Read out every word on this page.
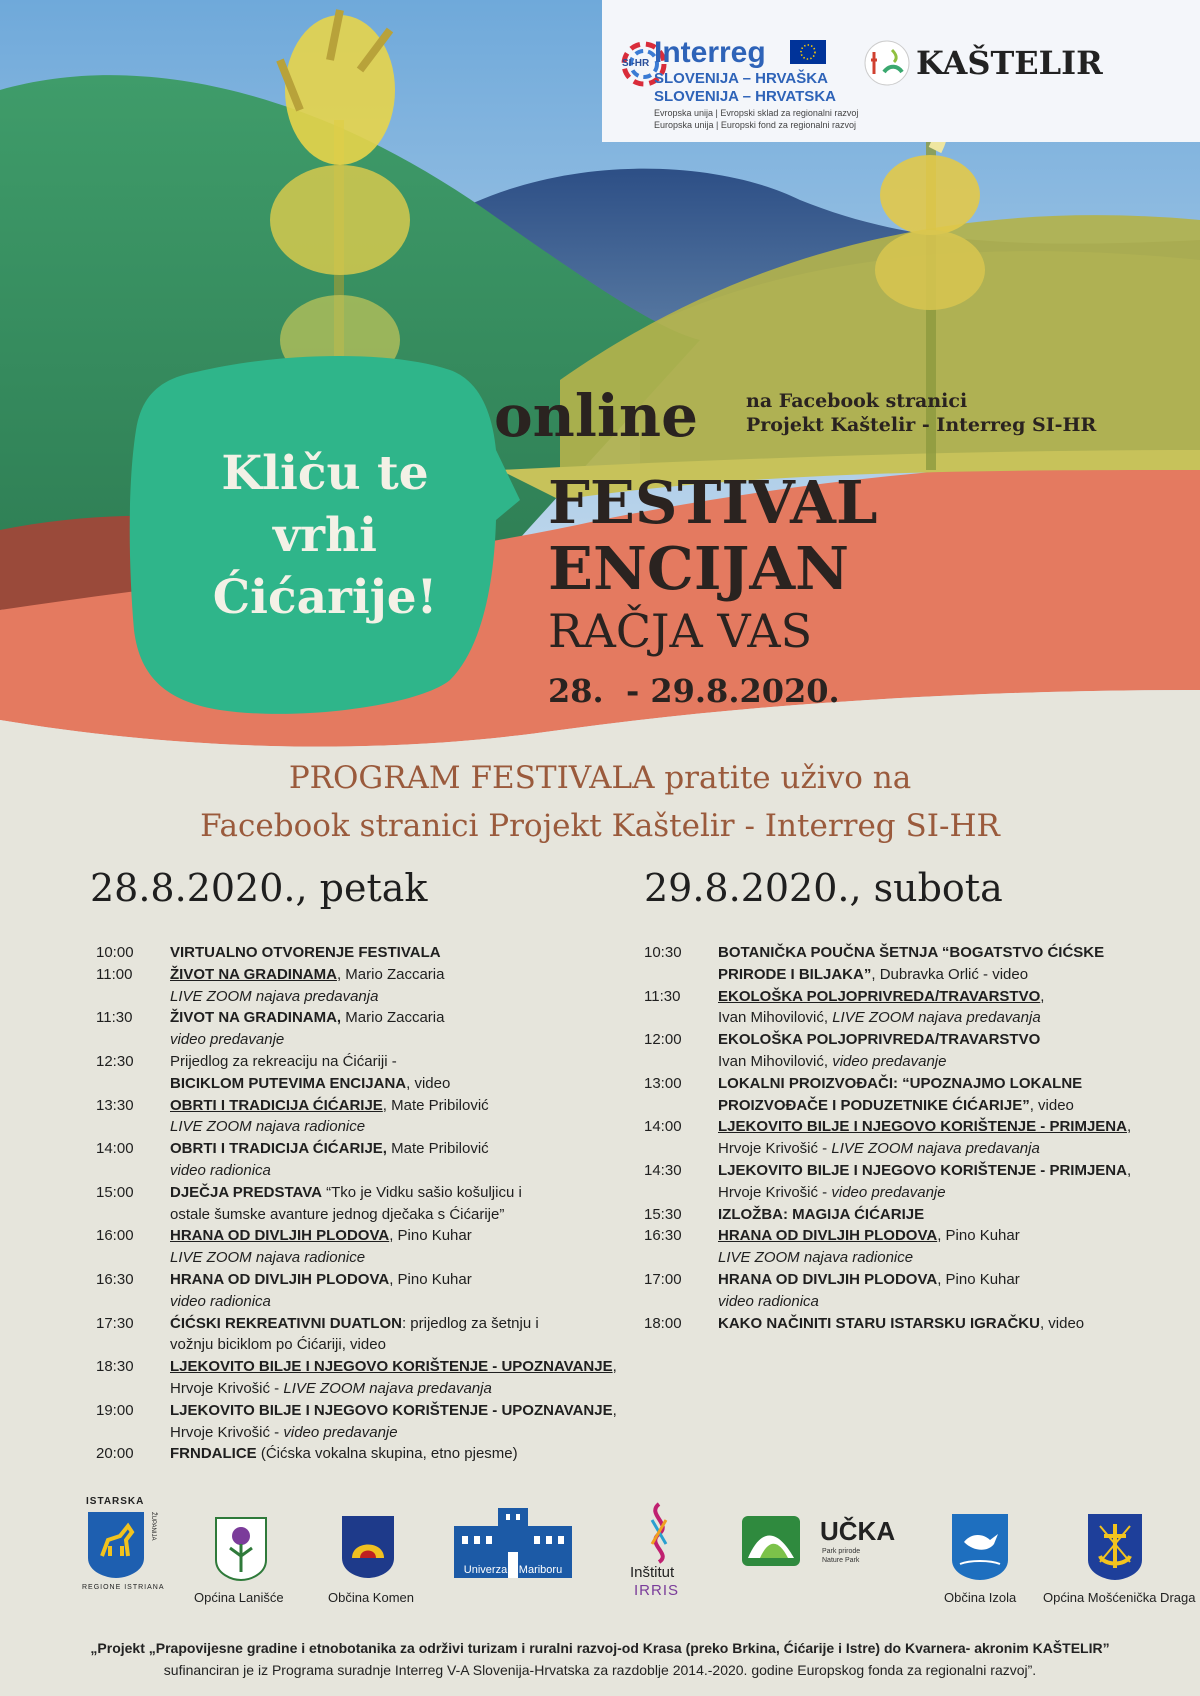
SI-HR Interreg
SLOVENIJA – HRVAŠKA
SLOVENIJA – HRVATSKA
Evropska unija | Evropski sklad za regionalni razvoj
Europska unija | Europski fond za regionalni razvoj
KAŠTELIR
Kliču te
vrhi
Ćićarije!
online	na Facebook stranici
Projekt Kaštelir - Interreg SI-HR
FESTIVAL
ENCIJAN
RAČJA VAS
28.  - 29.8.2020.
PROGRAM FESTIVALA pratite uživo na
Facebook stranici Projekt Kaštelir - Interreg SI-HR
28.8.2020., petak	29.8.2020., subota
10:00	VIRTUALNO OTVORENJE FESTIVALA
11:00	ŽIVOT NA GRADINAMA, Mario Zaccaria
LIVE ZOOM najava predavanja
11:30	ŽIVOT NA GRADINAMA, Mario Zaccaria
video predavanje
12:30	Prijedlog za rekreaciju na Ćićariji -
BICIKLOM PUTEVIMA ENCIJANA, video
13:30	OBRTI I TRADICIJA ĆIĆARIJE, Mate Pribilović
LIVE ZOOM najava radionice
14:00	OBRTI I TRADICIJA ĆIĆARIJE, Mate Pribilović
video radionica
15:00	DJEČJA PREDSTAVA “Tko je Vidku sašio košuljicu i
ostale šumske avanture jednog dječaka s Ćićarije”
16:00	HRANA OD DIVLJIH PLODOVA, Pino Kuhar
LIVE ZOOM najava radionice
16:30	HRANA OD DIVLJIH PLODOVA, Pino Kuhar
video radionica
17:30	ĆIĆSKI REKREATIVNI DUATLON: prijedlog za šetnju i
vožnju biciklom po Ćićariji, video
18:30	LJEKOVITO BILJE I NJEGOVO KORIŠTENJE - UPOZNAVANJE,
Hrvoje Krivošić - LIVE ZOOM najava predavanja
19:00	LJEKOVITO BILJE I NJEGOVO KORIŠTENJE - UPOZNAVANJE,
Hrvoje Krivošić - video predavanje
20:00	FRNDALICE (Ćićska vokalna skupina, etno pjesme)
10:30	BOTANIČKA POUČNA ŠETNJA “BOGATSTVO ĆIĆSKE
PRIRODE I BILJAKA”, Dubravka Orlić - video
11:30	EKOLOŠKA POLJOPRIVREDA/TRAVARSTVO,
Ivan Mihovilović, LIVE ZOOM najava predavanja
12:00	EKOLOŠKA POLJOPRIVREDA/TRAVARSTVO
Ivan Mihovilović, video predavanje
13:00	LOKALNI PROIZVOĐAČI: “UPOZNAJMO LOKALNE
PROIZVOĐAČE I PODUZETNIKE ĆIĆARIJE”, video
14:00	LJEKOVITO BILJE I NJEGOVO KORIŠTENJE - PRIMJENA,
Hrvoje Krivošić - LIVE ZOOM najava predavanja
14:30	LJEKOVITO BILJE I NJEGOVO KORIŠTENJE - PRIMJENA,
Hrvoje Krivošić - video predavanje
15:30	IZLOŽBA: MAGIJA ĆIĆARIJE
16:30	HRANA OD DIVLJIH PLODOVA, Pino Kuhar
LIVE ZOOM najava radionice
17:00	HRANA OD DIVLJIH PLODOVA, Pino Kuhar
video radionica
18:00	KAKO NAČINITI STARU ISTARSKU IGRAČKU, video
ISTARSKA
ŽUPANIJA
REGIONE ISTRIANA
Općina Lanišće	Občina Komen
Univerza v Mariboru	Inštitut
IRRIS
UČKA
Park prirode
Nature Park
Občina Izola Općina Mošćenička Draga
„Projekt „Prapovijesne gradine i etnobotanika za održivi turizam i ruralni razvoj-od Krasa (preko Brkina, Ćićarije i Istre) do Kvarnera- akronim KAŠTELIR”
sufinanciran je iz Programa suradnje Interreg V-A Slovenija-Hrvatska za razdoblje 2014.-2020. godine Europskog fonda za regionalni razvoj”.
